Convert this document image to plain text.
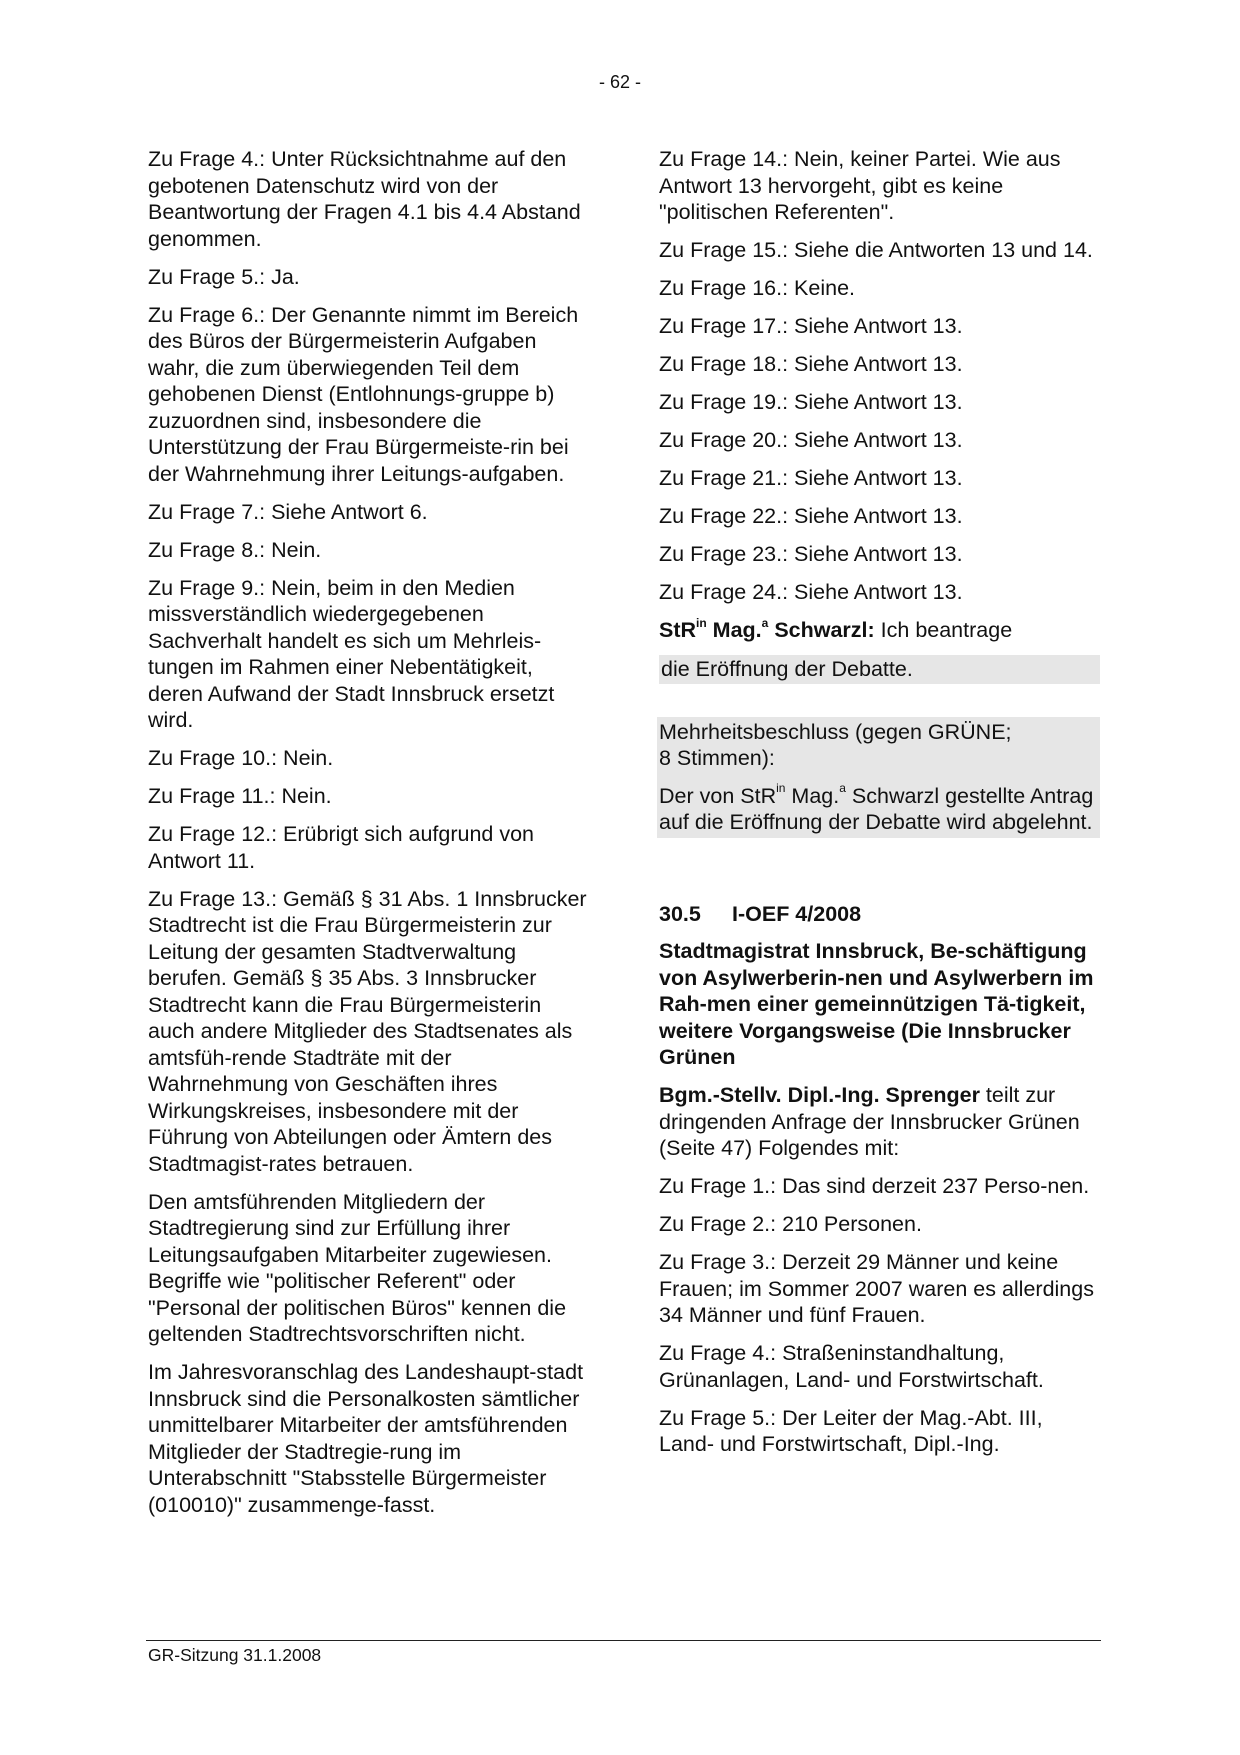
- 62 -

Zu Frage 4.: Unter Rücksichtnahme auf den gebotenen Datenschutz wird von der Beantwortung der Fragen 4.1 bis 4.4 Abstand genommen.

Zu Frage 5.: Ja.

Zu Frage 6.: Der Genannte nimmt im Bereich des Büros der Bürgermeisterin Aufgaben wahr, die zum überwiegenden Teil dem gehobenen Dienst (Entlohnungs-gruppe b) zuzuordnen sind, insbesondere die Unterstützung der Frau Bürgermeiste-rin bei der Wahrnehmung ihrer Leitungs-aufgaben.

Zu Frage 7.: Siehe Antwort 6.

Zu Frage 8.: Nein.

Zu Frage 9.: Nein, beim in den Medien missverständlich wiedergegebenen Sachverhalt handelt es sich um Mehrleis-tungen im Rahmen einer Nebentätigkeit, deren Aufwand der Stadt Innsbruck ersetzt wird.

Zu Frage 10.: Nein.

Zu Frage 11.: Nein.

Zu Frage 12.: Erübrigt sich aufgrund von Antwort 11.

Zu Frage 13.: Gemäß § 31 Abs. 1 Innsbrucker Stadtrecht ist die Frau Bürgermeisterin zur Leitung der gesamten Stadtverwaltung berufen. Gemäß § 35 Abs. 3 Innsbrucker Stadtrecht kann die Frau Bürgermeisterin auch andere Mitglieder des Stadtsenates als amtsfüh-rende Stadträte mit der Wahrnehmung von Geschäften ihres Wirkungskreises, insbesondere mit der Führung von Abteilungen oder Ämtern des Stadtmagist-rates betrauen.

Den amtsführenden Mitgliedern der Stadtregierung sind zur Erfüllung ihrer Leitungsaufgaben Mitarbeiter zugewiesen. Begriffe wie "politischer Referent" oder "Personal der politischen Büros" kennen die geltenden Stadtrechtsvorschriften nicht.

Im Jahresvoranschlag des Landeshaupt-stadt Innsbruck sind die Personalkosten sämtlicher unmittelbarer Mitarbeiter der amtsführenden Mitglieder der Stadtregie-rung im Unterabschnitt "Stabsstelle Bürgermeister (010010)" zusammenge-fasst.

Zu Frage 14.: Nein, keiner Partei. Wie aus Antwort 13 hervorgeht, gibt es keine "politischen Referenten".

Zu Frage 15.: Siehe die Antworten 13 und 14.

Zu Frage 16.: Keine.

Zu Frage 17.: Siehe Antwort 13.

Zu Frage 18.: Siehe Antwort 13.

Zu Frage 19.: Siehe Antwort 13.

Zu Frage 20.: Siehe Antwort 13.

Zu Frage 21.: Siehe Antwort 13.

Zu Frage 22.: Siehe Antwort 13.

Zu Frage 23.: Siehe Antwort 13.

Zu Frage 24.: Siehe Antwort 13.

StR$^{in}$ Mag.$^a$ Schwarzl: Ich beantrage

die Eröffnung der Debatte.

Mehrheitsbeschluss (gegen GRÜNE;
8 Stimmen):

Der von StR$^{in}$ Mag.$^a$ Schwarzl gestellte Antrag auf die Eröffnung der Debatte wird abgelehnt.

30.5	I-OEF 4/2008

Stadtmagistrat Innsbruck, Be-schäftigung von Asylwerberin-nen und Asylwerbern im Rah-men einer gemeinnützigen Tä-tigkeit, weitere Vorgangsweise (Die Innsbrucker Grünen

Bgm.-Stellv. Dipl.-Ing. Sprenger teilt zur dringenden Anfrage der Innsbrucker Grünen (Seite 47) Folgendes mit:

Zu Frage 1.: Das sind derzeit 237 Perso-nen.

Zu Frage 2.: 210 Personen.

Zu Frage 3.: Derzeit 29 Männer und keine Frauen; im Sommer 2007 waren es allerdings 34 Männer und fünf Frauen.

Zu Frage 4.: Straßeninstandhaltung, Grünanlagen, Land- und Forstwirtschaft.

Zu Frage 5.: Der Leiter der Mag.-Abt. III, Land- und Forstwirtschaft, Dipl.-Ing.

GR-Sitzung 31.1.2008
